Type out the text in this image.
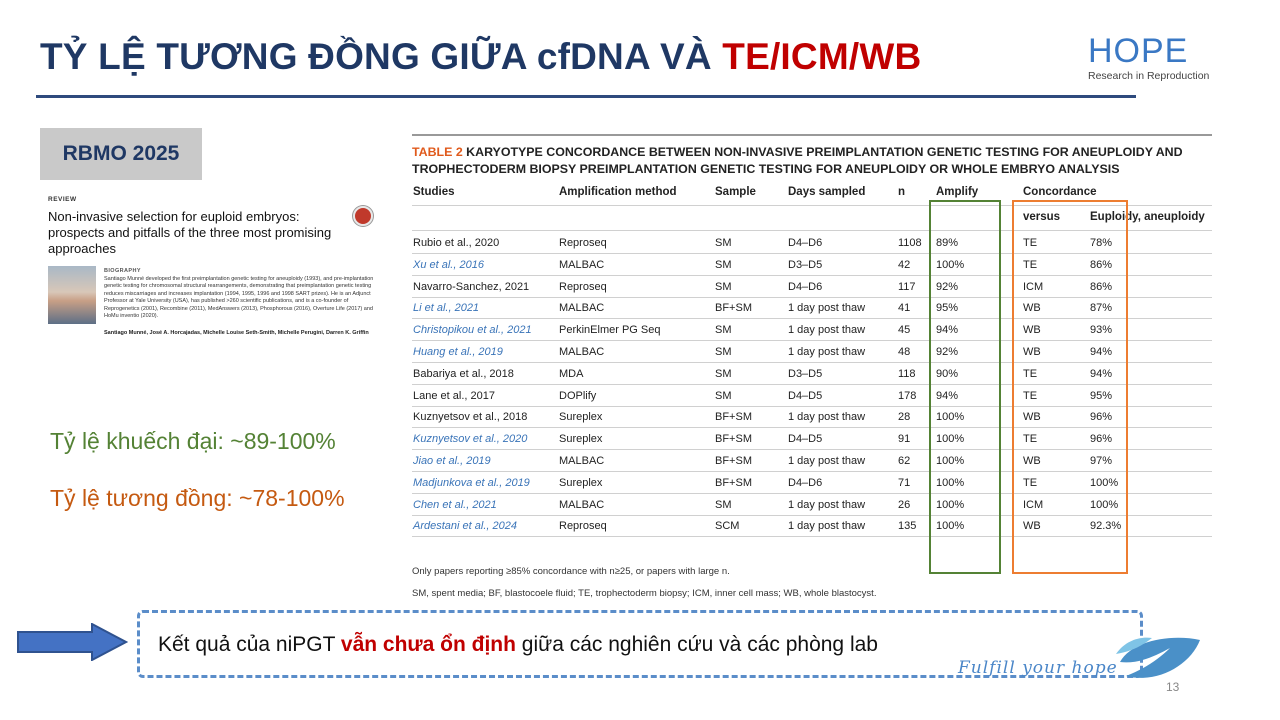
TỶ LỆ TƯƠNG ĐỒNG GIỮA cfDNA VÀ TE/ICM/WB	HOPE
Research in Reproduction
RBMO 2025
REVIEW
Non-invasive selection for euploid embryos: prospects and pitfalls of the three most promising approaches
BIOGRAPHY
Santiago Munné developed the first preimplantation genetic testing for aneuploidy (1993), and pre-implantation genetic testing for chromosomal structural rearrangements, demonstrating that preimplantation genetic testing reduces miscarriages and increases implantation (1994, 1995, 1996 and 1998 SART prizes). He is an Adjunct Professor at Yale University (USA), has published >260 scientific publications, and is a co-founder of Reprogenetics (2001), Recombine (2011), MedAnswers (2013), Phosphorous (2016), Overture Life (2017) and HoMu inventio (2020).
Santiago Munné, José A. Horcajadas, Michelle Louise Seth-Smith, Michelle Perugini, Darren K. Griffin
Tỷ lệ khuếch đại: ~89-100%
Tỷ lệ tương đồng: ~78-100%
TABLE 2 KARYOTYPE CONCORDANCE BETWEEN NON-INVASIVE PREIMPLANTATION GENETIC TESTING FOR ANEUPLOIDY AND TROPHECTODERM BIOPSY PREIMPLANTATION GENETIC TESTING FOR ANEUPLOIDY OR WHOLE EMBRYO ANALYSIS
Studies	Amplification method	Sample	Days sampled	n	Amplify	Concordance
versus	Euploidy, aneuploidy
Rubio et al., 2020	Reproseq	SM	D4–D6	1108 89%	TE	78%
Xu et al., 2016	MALBAC	SM	D3–D5	42 100%	TE	86%
Navarro-Sanchez, 2021	Reproseq	SM	D4–D6	117 92%	ICM	86%
Li et al., 2021	MALBAC	BF+SM	1 day post thaw	41 95%	WB	87%
Christopikou et al., 2021 PerkinElmer PG Seq	SM	1 day post thaw	45 94%	WB	93%
Huang et al., 2019	MALBAC	SM	1 day post thaw	48 92%	WB	94%
Babariya et al., 2018	MDA	SM	D3–D5	118 90%	TE	94%
Lane et al., 2017	DOPlify	SM	D4–D5	178 94%	TE	95%
Kuznyetsov et al., 2018	Sureplex	BF+SM	1 day post thaw	28 100%	WB	96%
Kuznyetsov et al., 2020	Sureplex	BF+SM	D4–D5	91 100%	TE	96%
Jiao et al., 2019	MALBAC	BF+SM	1 day post thaw	62 100%	WB	97%
Madjunkova et al., 2019	Sureplex	BF+SM	D4–D6	71 100%	TE	100%
Chen et al., 2021	MALBAC	SM	1 day post thaw	26 100%	ICM	100%
Ardestani et al., 2024	Reproseq	SCM	1 day post thaw	135 100%	WB	92.3%
Only papers reporting ≥85% concordance with n≥25, or papers with large n.
SM, spent media; BF, blastocoele fluid; TE, trophectoderm biopsy; ICM, inner cell mass; WB, whole blastocyst.
Kết quả của niPGT vẫn chưa ổn định giữa các nghiên cứu và các phòng lab
Fulfill your hope
13
